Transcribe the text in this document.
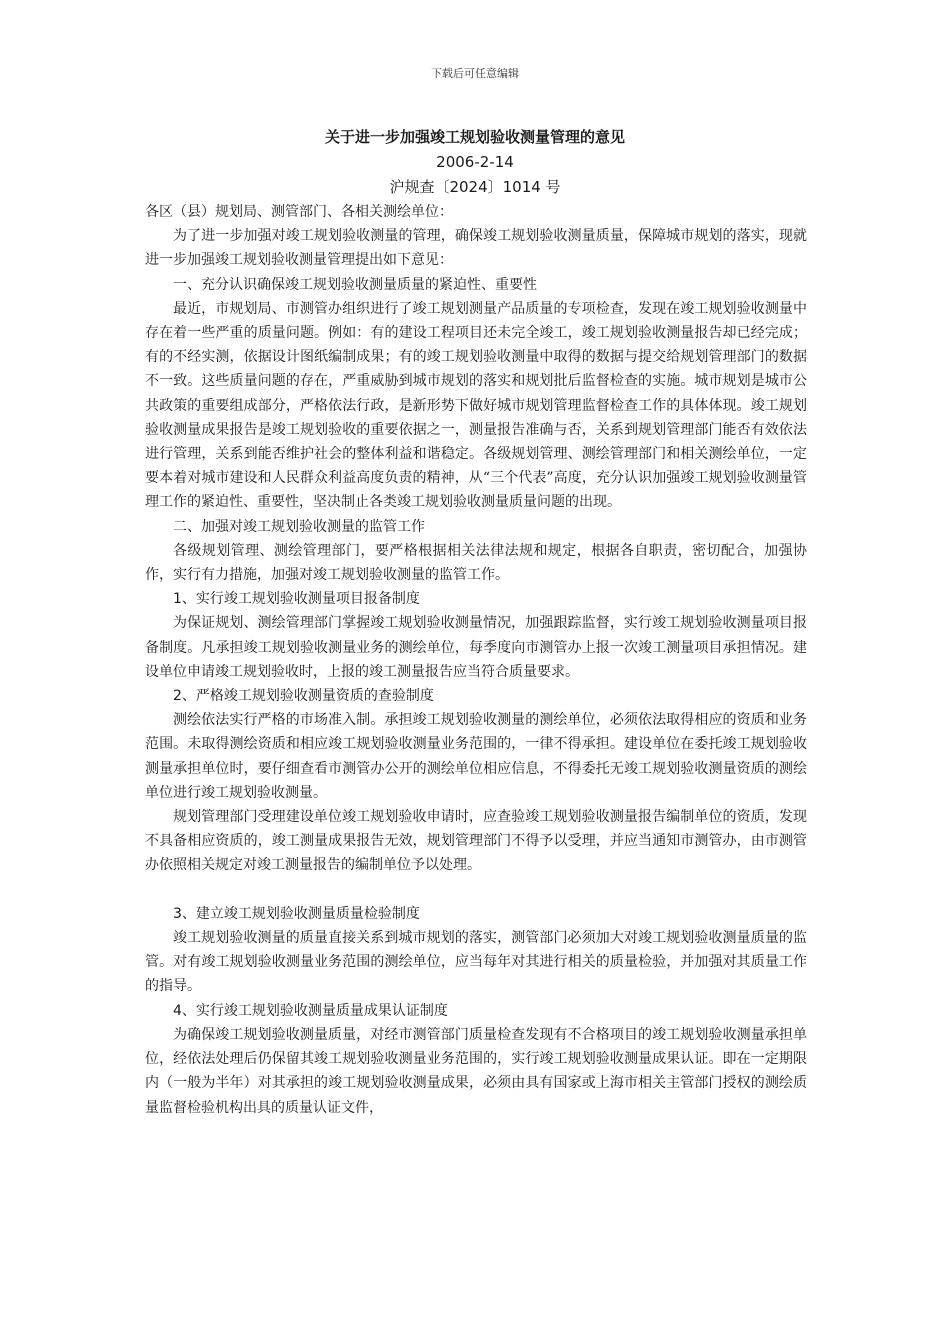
下载后可任意编辑

关于进一步加强竣工规划验收测量管理的意见

2006-2-14

沪规查〔2024〕1014 号

各区（县）规划局、测管部门、各相关测绘单位：

为了进一步加强对竣工规划验收测量的管理，确保竣工规划验收测量质量，保障城市规划的落实，现就进一步加强竣工规划验收测量管理提出如下意见：

一、充分认识确保竣工规划验收测量质量的紧迫性、重要性

最近，市规划局、市测管办组织进行了竣工规划测量产品质量的专项检查，发现在竣工规划验收测量中存在着一些严重的质量问题。例如：有的建设工程项目还未完全竣工，竣工规划验收测量报告却已经完成；有的不经实测，依据设计图纸编制成果；有的竣工规划验收测量中取得的数据与提交给规划管理部门的数据不一致。这些质量问题的存在，严重威胁到城市规划的落实和规划批后监督检查的实施。城市规划是城市公共政策的重要组成部分，严格依法行政，是新形势下做好城市规划管理监督检查工作的具体体现。竣工规划验收测量成果报告是竣工规划验收的重要依据之一，测量报告准确与否，关系到规划管理部门能否有效依法进行管理，关系到能否维护社会的整体利益和谐稳定。各级规划管理、测绘管理部门和相关测绘单位，一定要本着对城市建设和人民群众利益高度负责的精神，从“三个代表”高度，充分认识加强竣工规划验收测量管理工作的紧迫性、重要性，坚决制止各类竣工规划验收测量质量问题的出现。

二、加强对竣工规划验收测量的监管工作

各级规划管理、测绘管理部门，要严格根据相关法律法规和规定，根据各自职责，密切配合，加强协作，实行有力措施，加强对竣工规划验收测量的监管工作。

1、实行竣工规划验收测量项目报备制度

为保证规划、测绘管理部门掌握竣工规划验收测量情况，加强跟踪监督，实行竣工规划验收测量项目报备制度。凡承担竣工规划验收测量业务的测绘单位，每季度向市测管办上报一次竣工测量项目承担情况。建设单位申请竣工规划验收时，上报的竣工测量报告应当符合质量要求。

2、严格竣工规划验收测量资质的查验制度

测绘依法实行严格的市场准入制。承担竣工规划验收测量的测绘单位，必须依法取得相应的资质和业务范围。未取得测绘资质和相应竣工规划验收测量业务范围的，一律不得承担。建设单位在委托竣工规划验收测量承担单位时，要仔细查看市测管办公开的测绘单位相应信息，不得委托无竣工规划验收测量资质的测绘单位进行竣工规划验收测量。

规划管理部门受理建设单位竣工规划验收申请时，应查验竣工规划验收测量报告编制单位的资质，发现不具备相应资质的，竣工测量成果报告无效，规划管理部门不得予以受理，并应当通知市测管办，由市测管办依照相关规定对竣工测量报告的编制单位予以处理。

3、建立竣工规划验收测量质量检验制度

竣工规划验收测量的质量直接关系到城市规划的落实，测管部门必须加大对竣工规划验收测量质量的监管。对有竣工规划验收测量业务范围的测绘单位，应当每年对其进行相关的质量检验，并加强对其质量工作的指导。

4、实行竣工规划验收测量质量成果认证制度

为确保竣工规划验收测量质量，对经市测管部门质量检查发现有不合格项目的竣工规划验收测量承担单位，经依法处理后仍保留其竣工规划验收测量业务范围的，实行竣工规划验收测量成果认证。即在一定期限内（一般为半年）对其承担的竣工规划验收测量成果，必须由具有国家或上海市相关主管部门授权的测绘质量监督检验机构出具的质量认证文件，
